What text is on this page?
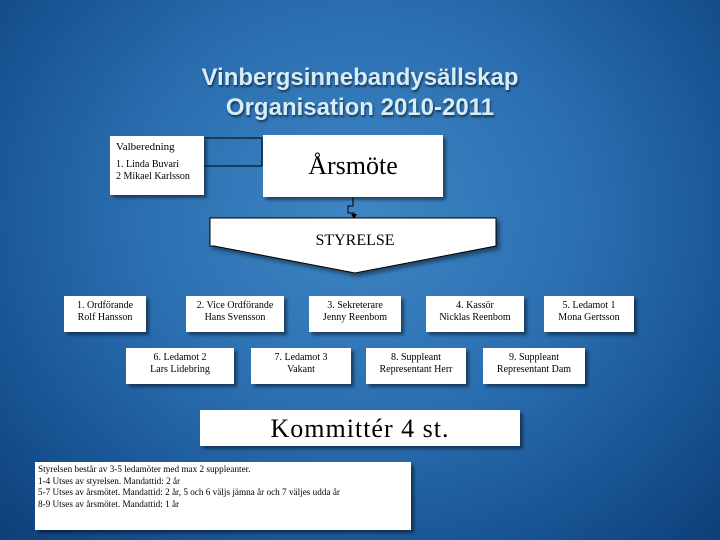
Vinbergsinnebandysällskap
Organisation 2010-2011
STYRELSE
Valberedning
1. Linda Buvari
2 Mikael Karlsson	Årsmöte
1. Ordförande
Rolf Hansson
2. Vice Ordförande
Hans Svensson
3. Sekreterare
Jenny Reenbom
4. Kassör
Nicklas Reenbom
5. Ledamot 1
Mona Gertsson
6. Ledamot 2
Lars Lidebring
7. Ledamot 3
Vakant
8. Suppleant
Representant Herr
9. Suppleant
Representant Dam
Kommittér 4 st.
Styrelsen består av 3-5 ledamöter med max 2 suppleanter.
1-4 Utses av styrelsen. Mandattid: 2 år
5-7 Utses av årsmötet. Mandattid: 2 år, 5 och 6 väljs jämna år och 7 väljes udda år
8-9 Utses av årsmötet. Mandattid: 1 år
